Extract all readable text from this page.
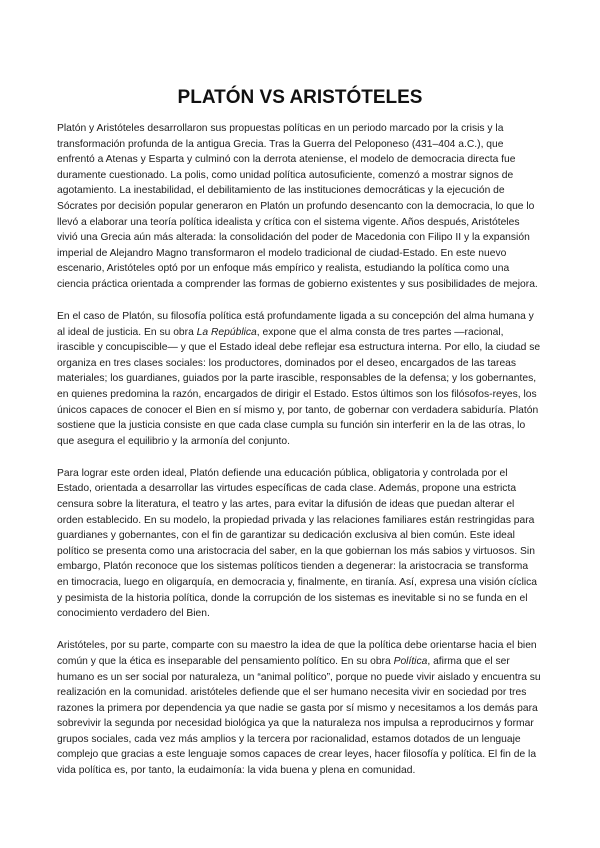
PLATÓN VS ARISTÓTELES

Platón y Aristóteles desarrollaron sus propuestas políticas en un periodo marcado por la crisis y la transformación profunda de la antigua Grecia. Tras la Guerra del Peloponeso (431–404 a.C.), que enfrentó a Atenas y Esparta y culminó con la derrota ateniense, el modelo de democracia directa fue duramente cuestionado. La polis, como unidad política autosuficiente, comenzó a mostrar signos de agotamiento. La inestabilidad, el debilitamiento de las instituciones democráticas y la ejecución de Sócrates por decisión popular generaron en Platón un profundo desencanto con la democracia, lo que lo llevó a elaborar una teoría política idealista y crítica con el sistema vigente. Años después, Aristóteles vivió una Grecia aún más alterada: la consolidación del poder de Macedonia con Filipo II y la expansión imperial de Alejandro Magno transformaron el modelo tradicional de ciudad-Estado. En este nuevo escenario, Aristóteles optó por un enfoque más empírico y realista, estudiando la política como una ciencia práctica orientada a comprender las formas de gobierno existentes y sus posibilidades de mejora.

En el caso de Platón, su filosofía política está profundamente ligada a su concepción del alma humana y al ideal de justicia. En su obra La República, expone que el alma consta de tres partes —racional, irascible y concupiscible— y que el Estado ideal debe reflejar esa estructura interna. Por ello, la ciudad se organiza en tres clases sociales: los productores, dominados por el deseo, encargados de las tareas materiales; los guardianes, guiados por la parte irascible, responsables de la defensa; y los gobernantes, en quienes predomina la razón, encargados de dirigir el Estado. Estos últimos son los filósofos-reyes, los únicos capaces de conocer el Bien en sí mismo y, por tanto, de gobernar con verdadera sabiduría. Platón sostiene que la justicia consiste en que cada clase cumpla su función sin interferir en la de las otras, lo que asegura el equilibrio y la armonía del conjunto.

Para lograr este orden ideal, Platón defiende una educación pública, obligatoria y controlada por el Estado, orientada a desarrollar las virtudes específicas de cada clase. Además, propone una estricta censura sobre la literatura, el teatro y las artes, para evitar la difusión de ideas que puedan alterar el orden establecido. En su modelo, la propiedad privada y las relaciones familiares están restringidas para guardianes y gobernantes, con el fin de garantizar su dedicación exclusiva al bien común. Este ideal político se presenta como una aristocracia del saber, en la que gobiernan los más sabios y virtuosos. Sin embargo, Platón reconoce que los sistemas políticos tienden a degenerar: la aristocracia se transforma en timocracia, luego en oligarquía, en democracia y, finalmente, en tiranía. Así, expresa una visión cíclica y pesimista de la historia política, donde la corrupción de los sistemas es inevitable si no se funda en el conocimiento verdadero del Bien.

Aristóteles, por su parte, comparte con su maestro la idea de que la política debe orientarse hacia el bien común y que la ética es inseparable del pensamiento político. En su obra Política, afirma que el ser humano es un ser social por naturaleza, un “animal político”, porque no puede vivir aislado y encuentra su realización en la comunidad. aristóteles defiende que el ser humano necesita vivir en sociedad por tres razones la primera por dependencia ya que nadie se gasta por sí mismo y necesitamos a los demás para sobrevivir la segunda por necesidad biológica ya que la naturaleza nos impulsa a reproducirnos y formar grupos sociales, cada vez más amplios y la tercera por racionalidad, estamos dotados de un lenguaje complejo que gracias a este lenguaje somos capaces de crear leyes, hacer filosofía y política. El fin de la vida política es, por tanto, la eudaimonía: la vida buena y plena en comunidad.
